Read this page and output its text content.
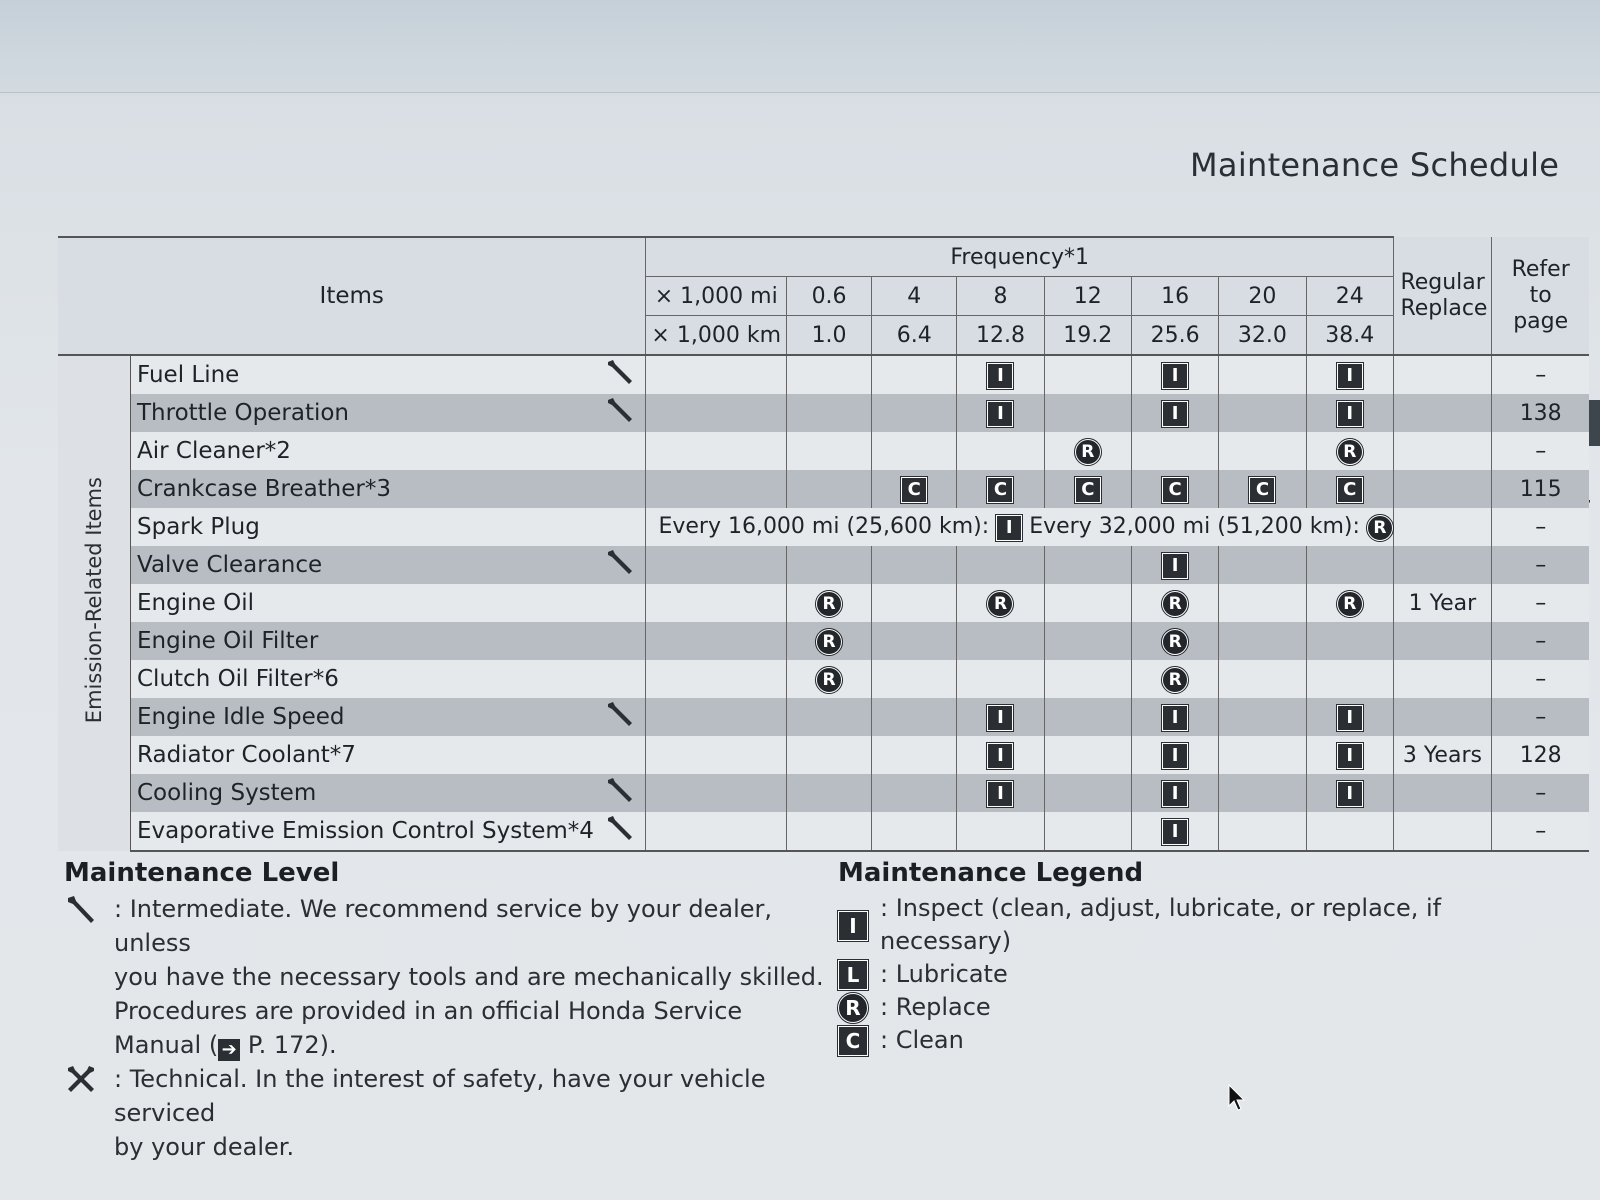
Maintenance Schedule
Items			Frequency*1								Regular Replace	Refer to page
			× 1,000 mi	0.6	4	8	12	16	20	24		
			× 1,000 km	1.0	6.4	12.8	19.2	25.6	32.0	38.4		
Emission-Related Items	Fuel Line					I		I		I		–
	Throttle Operation					I		I		I		138
	Air Cleaner*2						R			R		–
	Crankcase Breather*3				C	C	C	C	C	C		115
	Spark Plug		Every 16,000 mi (25,600 km): I Every 32,000 mi (51,200 km): R									–
	Valve Clearance							I				–
	Engine Oil			R		R		R		R	1 Year	–
	Engine Oil Filter			R				R				–
	Clutch Oil Filter*6			R				R				–
	Engine Idle Speed					I		I		I		–
	Radiator Coolant*7					I		I		I	3 Years	128
	Cooling System					I		I		I		–
	Evaporative Emission Control System*4							I				–
Maintenance Level
: Intermediate. We recommend service by your dealer, unless
you have the necessary tools and are mechanically skilled.
Procedures are provided in an official Honda Service
Manual ( ➔ P. 172).
: Technical. In the interest of safety, have your vehicle serviced
by your dealer.
Maintenance Legend
I
: Inspect (clean, adjust, lubricate, or replace, if necessary)
L : Lubricate
R : Replace
C : Clean
